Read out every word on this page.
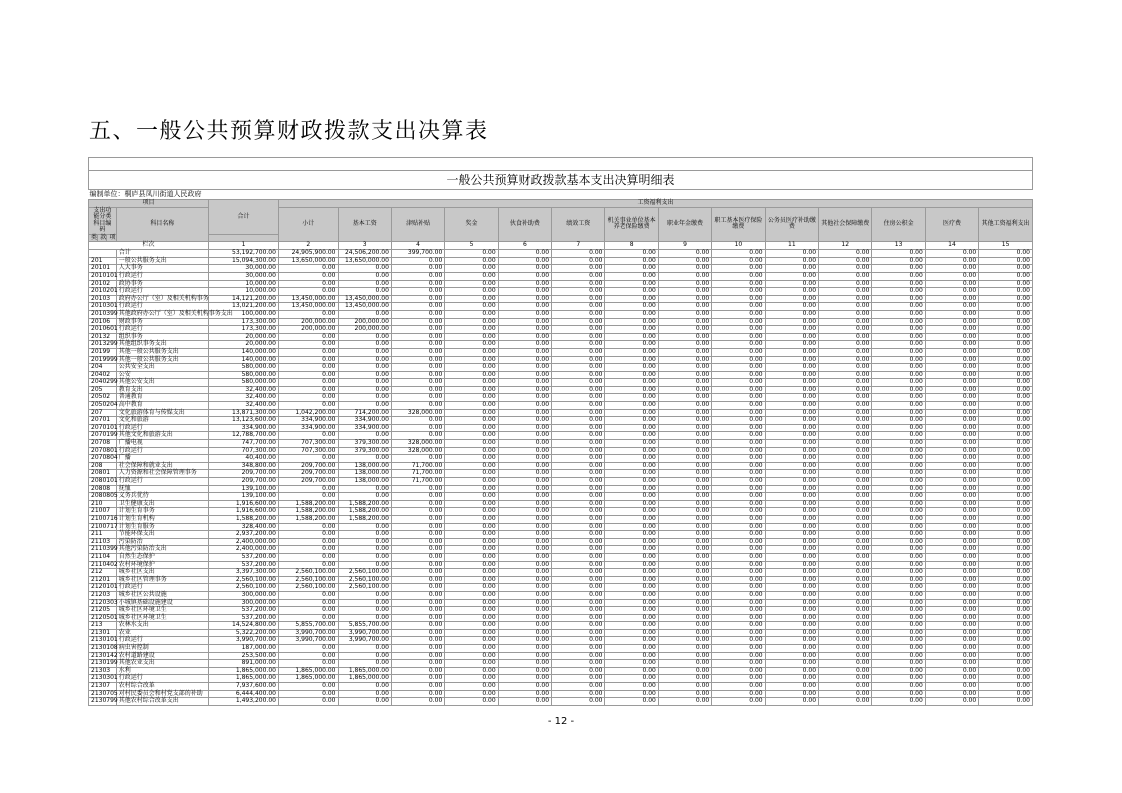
五、一般公共预算财政拨款支出决算表

一般公共预算财政拨款基本支出决算明细表																		
编制单位：桐庐县凤川街道人民政府																		
项目				合计	工资福利支出													
支出功能分类科目编码			科目名称		小计	基本工资	津贴补贴	奖金	伙食补助费	绩效工资	机关事业单位基本养老保险缴费	职业年金缴费	职工基本医疗保险缴费	公务员医疗补助缴费	其他社会保障缴费	住房公积金	医疗费	其他工资福利支出

类	款	项																
栏次				1	2	3	4	5	6	7	8	9	10	11	12	13	14	15
			合计	53,192,700.00	24,905,900.00	24,506,200.00	399,700.00	0.00	0.00	0.00	0.00	0.00	0.00	0.00	0.00	0.00	0.00	0.00
201			一般公共服务支出	15,094,300.00	13,650,000.00	13,650,000.00	0.00	0.00	0.00	0.00	0.00	0.00	0.00	0.00	0.00	0.00	0.00	0.00
20101			人大事务	30,000.00	0.00	0.00	0.00	0.00	0.00	0.00	0.00	0.00	0.00	0.00	0.00	0.00	0.00	0.00
2010101			行政运行	30,000.00	0.00	0.00	0.00	0.00	0.00	0.00	0.00	0.00	0.00	0.00	0.00	0.00	0.00	0.00
20102			政协事务	10,000.00	0.00	0.00	0.00	0.00	0.00	0.00	0.00	0.00	0.00	0.00	0.00	0.00	0.00	0.00
2010201			行政运行	10,000.00	0.00	0.00	0.00	0.00	0.00	0.00	0.00	0.00	0.00	0.00	0.00	0.00	0.00	0.00
20103			政府办公厅（室）及相关机构事务	14,121,200.00	13,450,000.00	13,450,000.00	0.00	0.00	0.00	0.00	0.00	0.00	0.00	0.00	0.00	0.00	0.00	0.00
2010301			行政运行	13,021,200.00	13,450,000.00	13,450,000.00	0.00	0.00	0.00	0.00	0.00	0.00	0.00	0.00	0.00	0.00	0.00	0.00
2010399			其他政府办公厅（室）及相关机构事务支出	100,000.00	0.00	0.00	0.00	0.00	0.00	0.00	0.00	0.00	0.00	0.00	0.00	0.00	0.00	0.00
20106			财政事务	173,300.00	200,000.00	200,000.00	0.00	0.00	0.00	0.00	0.00	0.00	0.00	0.00	0.00	0.00	0.00	0.00
2010601			行政运行	173,300.00	200,000.00	200,000.00	0.00	0.00	0.00	0.00	0.00	0.00	0.00	0.00	0.00	0.00	0.00	0.00
20132			组织事务	20,000.00	0.00	0.00	0.00	0.00	0.00	0.00	0.00	0.00	0.00	0.00	0.00	0.00	0.00	0.00
2013299			其他组织事务支出	20,000.00	0.00	0.00	0.00	0.00	0.00	0.00	0.00	0.00	0.00	0.00	0.00	0.00	0.00	0.00
20199			其他一般公共服务支出	140,000.00	0.00	0.00	0.00	0.00	0.00	0.00	0.00	0.00	0.00	0.00	0.00	0.00	0.00	0.00
2019999			其他一般公共服务支出	140,000.00	0.00	0.00	0.00	0.00	0.00	0.00	0.00	0.00	0.00	0.00	0.00	0.00	0.00	0.00
204			公共安全支出	580,000.00	0.00	0.00	0.00	0.00	0.00	0.00	0.00	0.00	0.00	0.00	0.00	0.00	0.00	0.00
20402			公安	580,000.00	0.00	0.00	0.00	0.00	0.00	0.00	0.00	0.00	0.00	0.00	0.00	0.00	0.00	0.00
2040299			其他公安支出	580,000.00	0.00	0.00	0.00	0.00	0.00	0.00	0.00	0.00	0.00	0.00	0.00	0.00	0.00	0.00
205			教育支出	32,400.00	0.00	0.00	0.00	0.00	0.00	0.00	0.00	0.00	0.00	0.00	0.00	0.00	0.00	0.00
20502			普通教育	32,400.00	0.00	0.00	0.00	0.00	0.00	0.00	0.00	0.00	0.00	0.00	0.00	0.00	0.00	0.00
2050204			高中教育	32,400.00	0.00	0.00	0.00	0.00	0.00	0.00	0.00	0.00	0.00	0.00	0.00	0.00	0.00	0.00
207			文化旅游体育与传媒支出	13,871,300.00	1,042,200.00	714,200.00	328,000.00	0.00	0.00	0.00	0.00	0.00	0.00	0.00	0.00	0.00	0.00	0.00
20701			文化和旅游	13,123,600.00	334,900.00	334,900.00	0.00	0.00	0.00	0.00	0.00	0.00	0.00	0.00	0.00	0.00	0.00	0.00
2070101			行政运行	334,900.00	334,900.00	334,900.00	0.00	0.00	0.00	0.00	0.00	0.00	0.00	0.00	0.00	0.00	0.00	0.00
2070199			其他文化和旅游支出	12,788,700.00	0.00	0.00	0.00	0.00	0.00	0.00	0.00	0.00	0.00	0.00	0.00	0.00	0.00	0.00
20708			广播电视	747,700.00	707,300.00	379,300.00	328,000.00	0.00	0.00	0.00	0.00	0.00	0.00	0.00	0.00	0.00	0.00	0.00
2070801			行政运行	707,300.00	707,300.00	379,300.00	328,000.00	0.00	0.00	0.00	0.00	0.00	0.00	0.00	0.00	0.00	0.00	0.00
2070804			广播	40,400.00	0.00	0.00	0.00	0.00	0.00	0.00	0.00	0.00	0.00	0.00	0.00	0.00	0.00	0.00
208			社会保障和就业支出	348,800.00	209,700.00	138,000.00	71,700.00	0.00	0.00	0.00	0.00	0.00	0.00	0.00	0.00	0.00	0.00	0.00
20801			人力资源和社会保障管理事务	209,700.00	209,700.00	138,000.00	71,700.00	0.00	0.00	0.00	0.00	0.00	0.00	0.00	0.00	0.00	0.00	0.00
2080101			行政运行	209,700.00	209,700.00	138,000.00	71,700.00	0.00	0.00	0.00	0.00	0.00	0.00	0.00	0.00	0.00	0.00	0.00
20808			抚恤	139,100.00	0.00	0.00	0.00	0.00	0.00	0.00	0.00	0.00	0.00	0.00	0.00	0.00	0.00	0.00
2080805			义务兵优待	139,100.00	0.00	0.00	0.00	0.00	0.00	0.00	0.00	0.00	0.00	0.00	0.00	0.00	0.00	0.00
210			卫生健康支出	1,916,600.00	1,588,200.00	1,588,200.00	0.00	0.00	0.00	0.00	0.00	0.00	0.00	0.00	0.00	0.00	0.00	0.00
21007			计划生育事务	1,916,600.00	1,588,200.00	1,588,200.00	0.00	0.00	0.00	0.00	0.00	0.00	0.00	0.00	0.00	0.00	0.00	0.00
2100716			计划生育机构	1,588,200.00	1,588,200.00	1,588,200.00	0.00	0.00	0.00	0.00	0.00	0.00	0.00	0.00	0.00	0.00	0.00	0.00
2100717			计划生育服务	328,400.00	0.00	0.00	0.00	0.00	0.00	0.00	0.00	0.00	0.00	0.00	0.00	0.00	0.00	0.00
211			节能环保支出	2,937,200.00	0.00	0.00	0.00	0.00	0.00	0.00	0.00	0.00	0.00	0.00	0.00	0.00	0.00	0.00
21103			污染防治	2,400,000.00	0.00	0.00	0.00	0.00	0.00	0.00	0.00	0.00	0.00	0.00	0.00	0.00	0.00	0.00
2110399			其他污染防治支出	2,400,000.00	0.00	0.00	0.00	0.00	0.00	0.00	0.00	0.00	0.00	0.00	0.00	0.00	0.00	0.00
21104			自然生态保护	537,200.00	0.00	0.00	0.00	0.00	0.00	0.00	0.00	0.00	0.00	0.00	0.00	0.00	0.00	0.00
2110402			农村环境保护	537,200.00	0.00	0.00	0.00	0.00	0.00	0.00	0.00	0.00	0.00	0.00	0.00	0.00	0.00	0.00
212			城乡社区支出	3,397,300.00	2,560,100.00	2,560,100.00	0.00	0.00	0.00	0.00	0.00	0.00	0.00	0.00	0.00	0.00	0.00	0.00
21201			城乡社区管理事务	2,560,100.00	2,560,100.00	2,560,100.00	0.00	0.00	0.00	0.00	0.00	0.00	0.00	0.00	0.00	0.00	0.00	0.00
2120101			行政运行	2,560,100.00	2,560,100.00	2,560,100.00	0.00	0.00	0.00	0.00	0.00	0.00	0.00	0.00	0.00	0.00	0.00	0.00
21203			城乡社区公共设施	300,000.00	0.00	0.00	0.00	0.00	0.00	0.00	0.00	0.00	0.00	0.00	0.00	0.00	0.00	0.00
2120303			小城镇基础设施建设	300,000.00	0.00	0.00	0.00	0.00	0.00	0.00	0.00	0.00	0.00	0.00	0.00	0.00	0.00	0.00
21205			城乡社区环境卫生	537,200.00	0.00	0.00	0.00	0.00	0.00	0.00	0.00	0.00	0.00	0.00	0.00	0.00	0.00	0.00
2120501			城乡社区环境卫生	537,200.00	0.00	0.00	0.00	0.00	0.00	0.00	0.00	0.00	0.00	0.00	0.00	0.00	0.00	0.00
213			农林水支出	14,524,800.00	5,855,700.00	5,855,700.00	0.00	0.00	0.00	0.00	0.00	0.00	0.00	0.00	0.00	0.00	0.00	0.00
21301			农业	5,322,200.00	3,990,700.00	3,990,700.00	0.00	0.00	0.00	0.00	0.00	0.00	0.00	0.00	0.00	0.00	0.00	0.00
2130101			行政运行	3,990,700.00	3,990,700.00	3,990,700.00	0.00	0.00	0.00	0.00	0.00	0.00	0.00	0.00	0.00	0.00	0.00	0.00
2130108			病虫害控制	187,000.00	0.00	0.00	0.00	0.00	0.00	0.00	0.00	0.00	0.00	0.00	0.00	0.00	0.00	0.00
2130142			农村道路建设	253,500.00	0.00	0.00	0.00	0.00	0.00	0.00	0.00	0.00	0.00	0.00	0.00	0.00	0.00	0.00
2130199			其他农业支出	891,000.00	0.00	0.00	0.00	0.00	0.00	0.00	0.00	0.00	0.00	0.00	0.00	0.00	0.00	0.00
21303			水利	1,865,000.00	1,865,000.00	1,865,000.00	0.00	0.00	0.00	0.00	0.00	0.00	0.00	0.00	0.00	0.00	0.00	0.00
2130301			行政运行	1,865,000.00	1,865,000.00	1,865,000.00	0.00	0.00	0.00	0.00	0.00	0.00	0.00	0.00	0.00	0.00	0.00	0.00
21307			农村综合改革	7,937,600.00	0.00	0.00	0.00	0.00	0.00	0.00	0.00	0.00	0.00	0.00	0.00	0.00	0.00	0.00
2130705			对村民委员会和村党支部的补助	6,444,400.00	0.00	0.00	0.00	0.00	0.00	0.00	0.00	0.00	0.00	0.00	0.00	0.00	0.00	0.00
2130799			其他农村综合改革支出	1,493,200.00	0.00	0.00	0.00	0.00	0.00	0.00	0.00	0.00	0.00	0.00	0.00	0.00	0.00	0.00
- 12 -
